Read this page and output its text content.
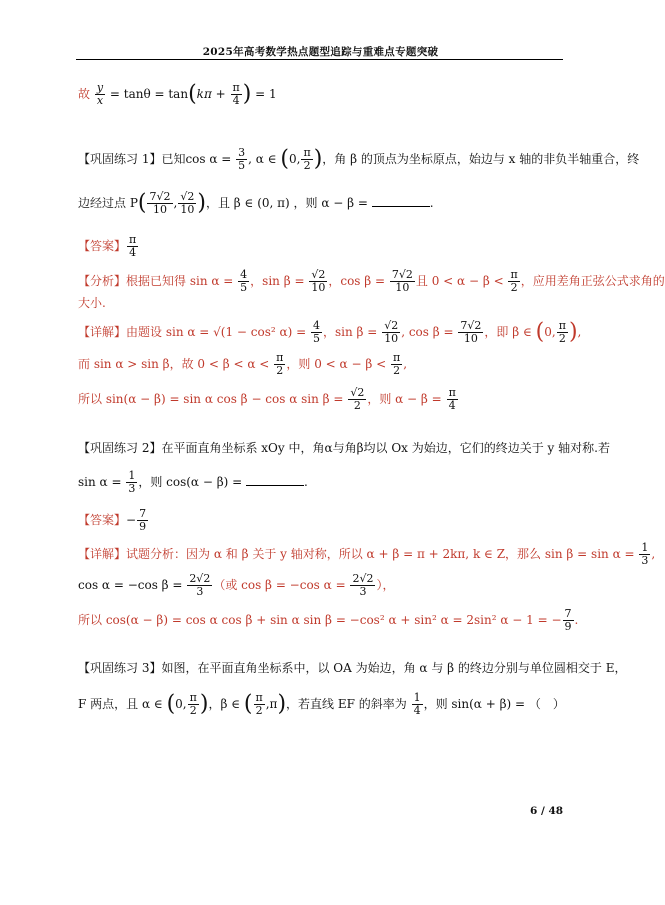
2025年高考数学热点题型追踪与重难点专题突破
故 $\frac{y}{x} = \tan\theta = \tan(k\pi + \frac{\pi}{4}$ ) = 1
【巩固练习 1】已知$\cos \alpha = \frac{3}{5}$ , α ∈ (0, $\frac{\pi}{2}$ )，角 β 的顶点为坐标原点，始边与 x 轴的非负半轴重合，终
边经过点 $P( \frac{7√2}{10}$ , $\frac{√2}{10}$ )，且 β ∈ (0, π) ，则 α − β =	.
【答案】 $\frac{\pi}{4}$
【分析】根据已知得 $\sin \alpha = \frac{4}{5}$ ，$\sin \beta = \frac{√2}{10}$ ，$\cos \beta = \frac{7√2}{10}$ 且 $0 < \alpha - \beta < \frac{\pi}{2}$ ，应用差角正弦公式求角的
大小.
【详解】由题设 sin α = √(1 − cos² $\alpha) = \frac{4}{5}$ ，$\sin \beta = \frac{√2}{10}$ , $\cos \beta = \frac{7√2}{10}$ ，即 β ∈ (0, $\frac{\pi}{2}$ ),
而 sin α > sin β，故 $0 < \beta < \alpha < \frac{\pi}{2}$ ，则 $0 < \alpha - \beta < \frac{\pi}{2}$ ,
所以 sin(α − β) = sin α cos β − cos α $\sin \beta = \frac{√2}{2}$ ，则 $\alpha - \beta = \frac{\pi}{4}$
【巩固练习 2】在平面直角坐标系 xOy 中，角α与角β均以 Ox 为始边，它们的终边关于 y 轴对称.若
$\sin \alpha = \frac{1}{3}$ ，则 cos(α − β) =	.
【答案】− $\frac{7}{9}$
【详解】试题分析：因为 α 和 β 关于 y 轴对称，所以 α + β = π + 2kπ, k ∈ Z，那么 $\sin \beta = \sin \alpha = \frac{1}{3}$ ,
cos α = −cos $\beta = \frac{2√2}{3}$ （或 cos β = −cos $\alpha = \frac{2√2}{3}$ ），
所以 cos(α − β) = cos α cos β + sin α sin β = −cos² α + sin² α = 2sin² α − 1 = − $\frac{7}{9}$ .
【巩固练习 3】如图，在平面直角坐标系中，以 OA 为始边，角 α 与 β 的终边分别与单位圆相交于 E，
F 两点，且 α ∈ (0, $\frac{\pi}{2}$ )，β ∈ ( $\frac{\pi}{2} ,\pi$)，若直线 EF 的斜率为 $\frac{1}{4}$ ，则 sin(α + β) = （　）
6 / 48
